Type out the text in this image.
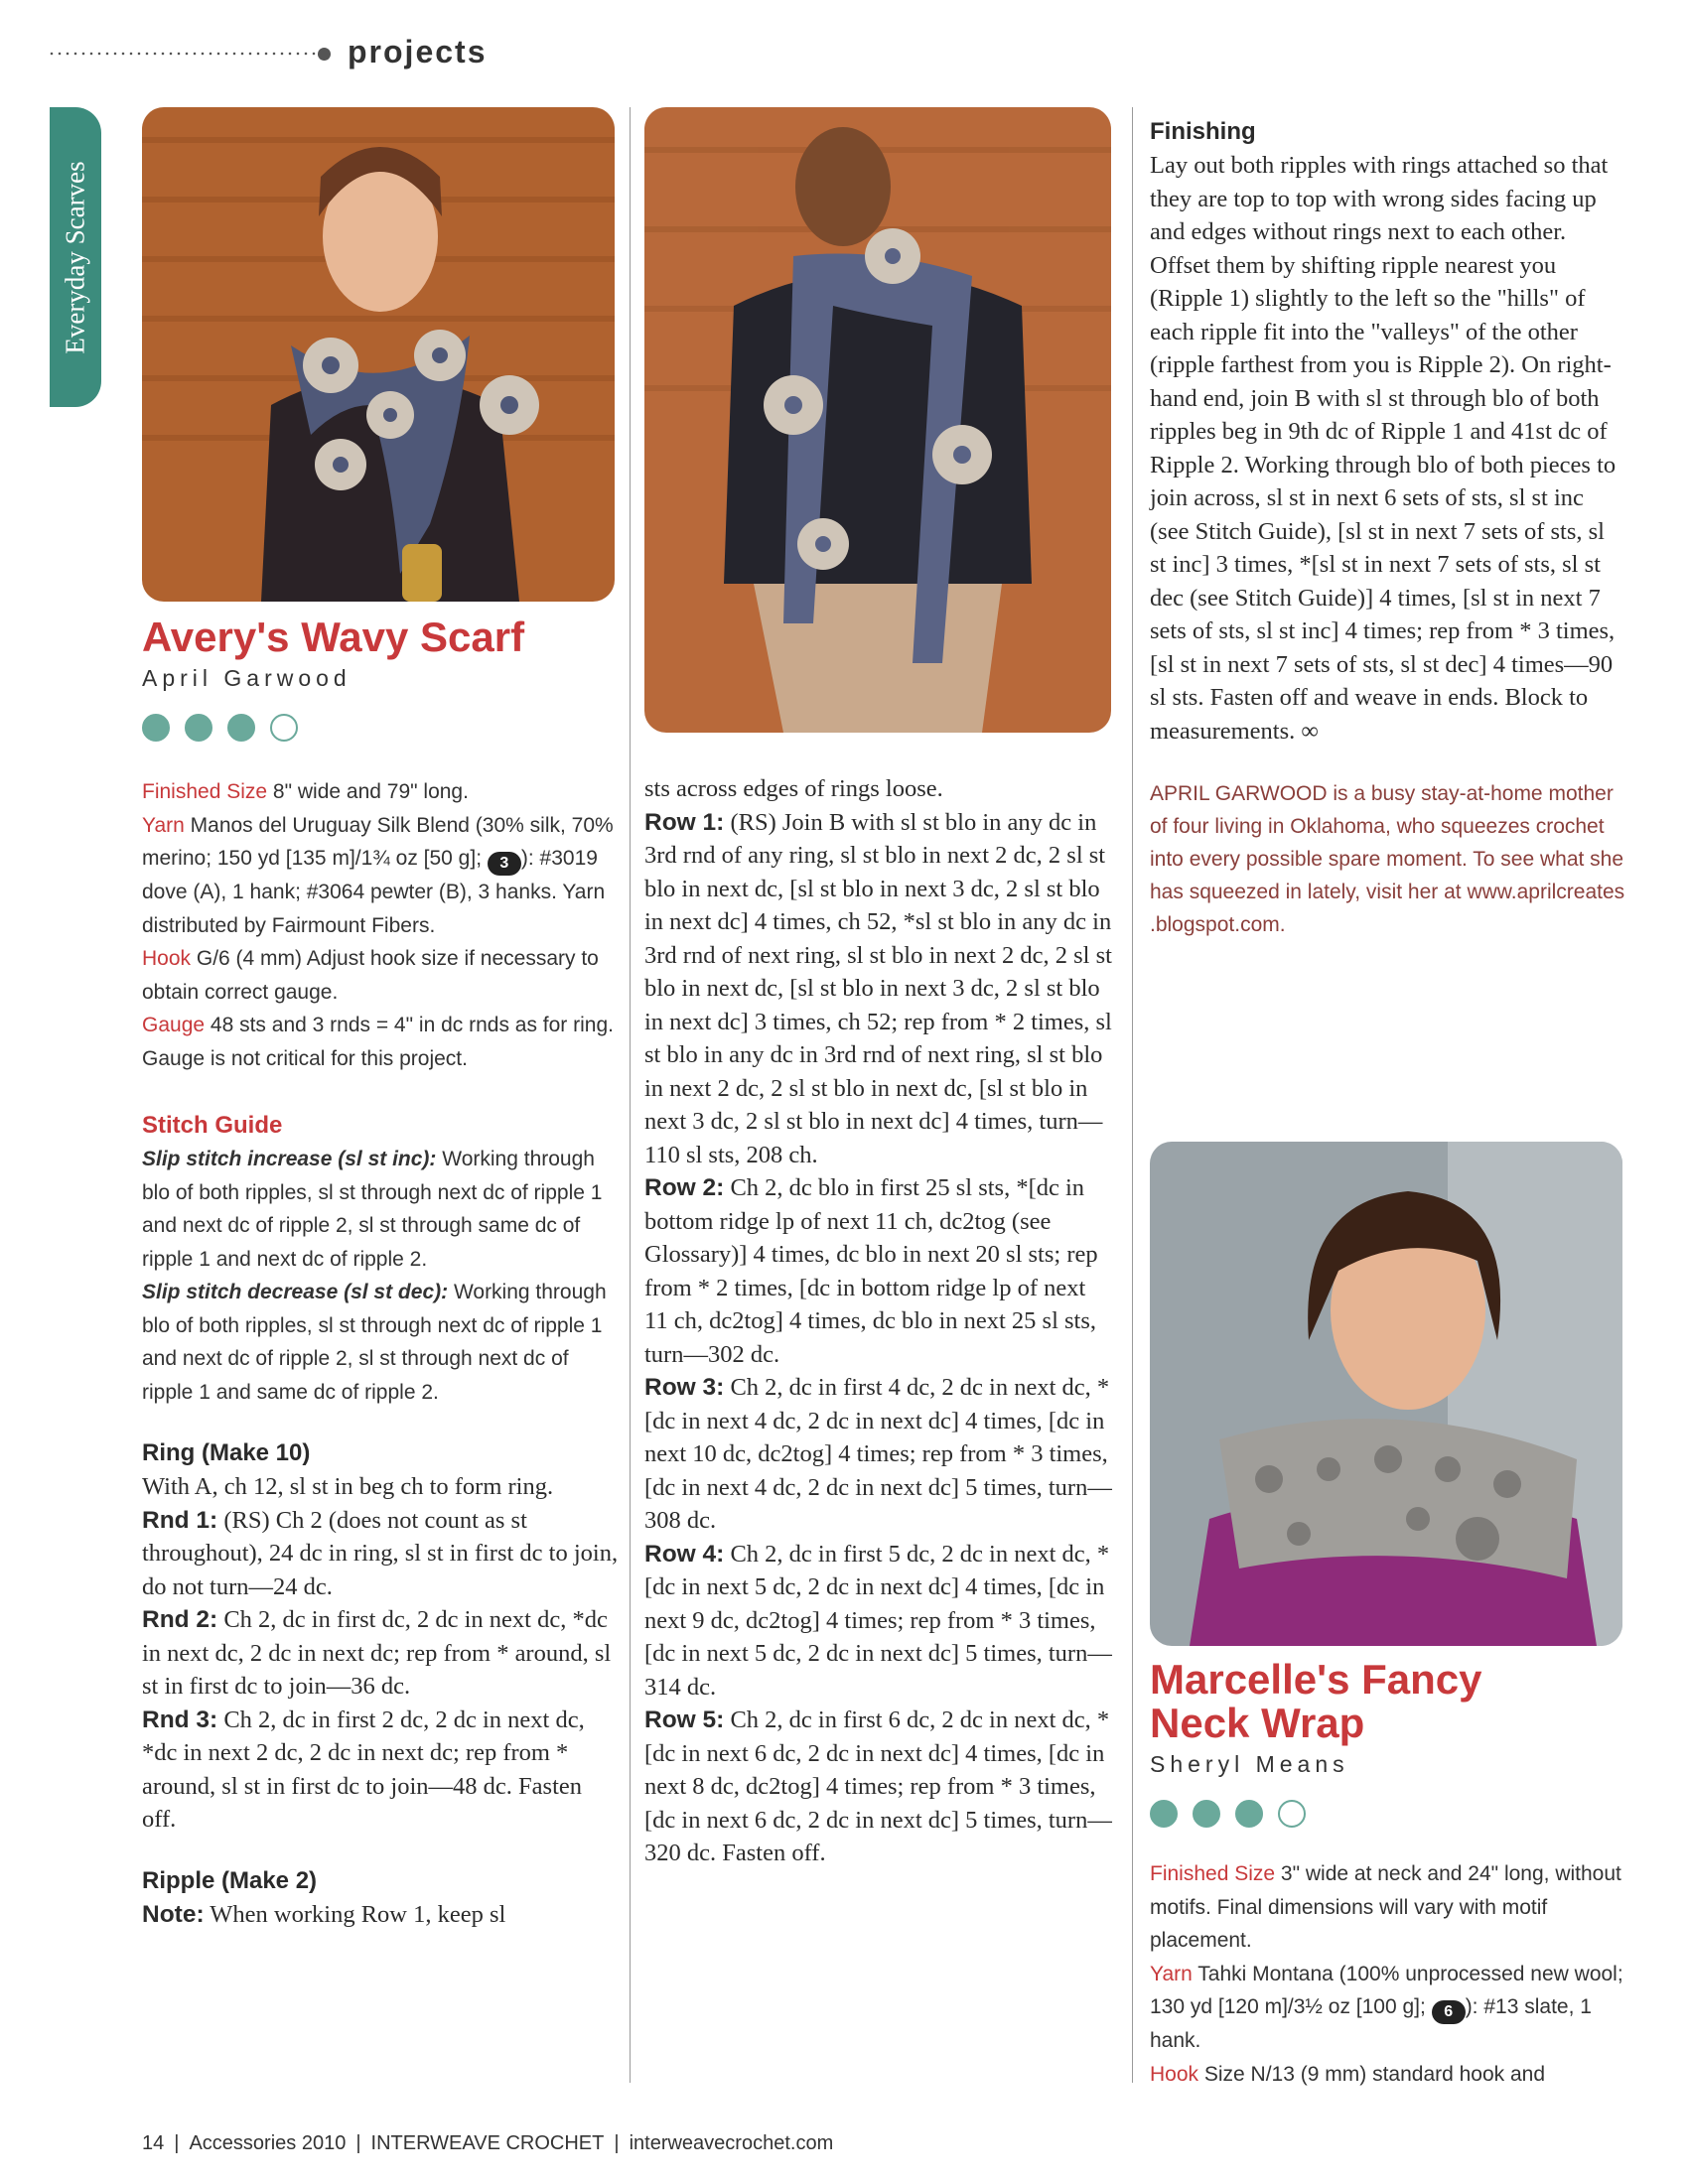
projects
Everyday Scarves
Avery's Wavy Scarf
April Garwood

Finished Size 8" wide and 79" long.

Yarn Manos del Uruguay Silk Blend (30% silk, 70% merino; 150 yd [135 m]/1¾ oz [50 g]; 3 ): #3019 dove (A), 1 hank; #3064 pewter (B), 3 hanks. Yarn distributed by Fairmount Fibers.

Hook G/6 (4 mm) Adjust hook size if necessary to obtain correct gauge.

Gauge 48 sts and 3 rnds = 4" in dc rnds as for ring. Gauge is not critical for this project.

Stitch Guide

Slip stitch increase (sl st inc): Working through blo of both ripples, sl st through next dc of ripple 1 and next dc of ripple 2, sl st through same dc of ripple 1 and next dc of ripple 2.

Slip stitch decrease (sl st dec): Working through blo of both ripples, sl st through next dc of ripple 1 and next dc of ripple 2, sl st through next dc of ripple 1 and same dc of ripple 2.

Ring (Make 10)

With A, ch 12, sl st in beg ch to form ring.

Rnd 1: (RS) Ch 2 (does not count as st throughout), 24 dc in ring, sl st in first dc to join, do not turn—24 dc.

Rnd 2: Ch 2, dc in first dc, 2 dc in next dc, *dc in next dc, 2 dc in next dc; rep from * around, sl st in first dc to join—36 dc.

Rnd 3: Ch 2, dc in first 2 dc, 2 dc in next dc, *dc in next 2 dc, 2 dc in next dc; rep from * around, sl st in first dc to join—48 dc. Fasten off.

Ripple (Make 2)

Note: When working Row 1, keep sl

sts across edges of rings loose.

Row 1: (RS) Join B with sl st blo in any dc in 3rd rnd of any ring, sl st blo in next 2 dc, 2 sl st blo in next dc, [sl st blo in next 3 dc, 2 sl st blo in next dc] 4 times, ch 52, *sl st blo in any dc in 3rd rnd of next ring, sl st blo in next 2 dc, 2 sl st blo in next dc, [sl st blo in next 3 dc, 2 sl st blo in next dc] 3 times, ch 52; rep from * 2 times, sl st blo in any dc in 3rd rnd of next ring, sl st blo in next 2 dc, 2 sl st blo in next dc, [sl st blo in next 3 dc, 2 sl st blo in next dc] 4 times, turn—110 sl sts, 208 ch.

Row 2: Ch 2, dc blo in first 25 sl sts, *[dc in bottom ridge lp of next 11 ch, dc2tog (see Glossary)] 4 times, dc blo in next 20 sl sts; rep from * 2 times, [dc in bottom ridge lp of next 11 ch, dc2tog] 4 times, dc blo in next 25 sl sts, turn—302 dc.

Row 3: Ch 2, dc in first 4 dc, 2 dc in next dc, *[dc in next 4 dc, 2 dc in next dc] 4 times, [dc in next 10 dc, dc2tog] 4 times; rep from * 3 times, [dc in next 4 dc, 2 dc in next dc] 5 times, turn—308 dc.

Row 4: Ch 2, dc in first 5 dc, 2 dc in next dc, *[dc in next 5 dc, 2 dc in next dc] 4 times, [dc in next 9 dc, dc2tog] 4 times; rep from * 3 times, [dc in next 5 dc, 2 dc in next dc] 5 times, turn—314 dc.

Row 5: Ch 2, dc in first 6 dc, 2 dc in next dc, *[dc in next 6 dc, 2 dc in next dc] 4 times, [dc in next 8 dc, dc2tog] 4 times; rep from * 3 times, [dc in next 6 dc, 2 dc in next dc] 5 times, turn—320 dc. Fasten off.

Finishing

Lay out both ripples with rings attached so that they are top to top with wrong sides facing up and edges without rings next to each other. Offset them by shifting ripple nearest you (Ripple 1) slightly to the left so the "hills" of each ripple fit into the "valleys" of the other (ripple farthest from you is Ripple 2). On right-hand end, join B with sl st through blo of both ripples beg in 9th dc of Ripple 1 and 41st dc of Ripple 2. Working through blo of both pieces to join across, sl st in next 6 sets of sts, sl st inc (see Stitch Guide), [sl st in next 7 sets of sts, sl st inc] 3 times, *[sl st in next 7 sets of sts, sl st dec (see Stitch Guide)] 4 times, [sl st in next 7 sets of sts, sl st inc] 4 times; rep from * 3 times, [sl st in next 7 sets of sts, sl st dec] 4 times—90 sl sts. Fasten off and weave in ends. Block to measurements. ∞

APRIL GARWOOD is a busy stay-at-home mother of four living in Oklahoma, who squeezes crochet into every possible spare moment. To see what she has squeezed in lately, visit her at www.aprilcreates .blogspot.com.

Marcelle's Fancy
Neck Wrap
Sheryl Means

Finished Size 3" wide at neck and 24" long, without motifs. Final dimensions will vary with motif placement.

Yarn Tahki Montana (100% unprocessed new wool; 130 yd [120 m]/3½ oz [100 g]; 6 ): #13 slate, 1 hank.

Hook Size N/13 (9 mm) standard hook and

14 | Accessories 2010 | INTERWEAVE CROCHET | interweavecrochet.com
